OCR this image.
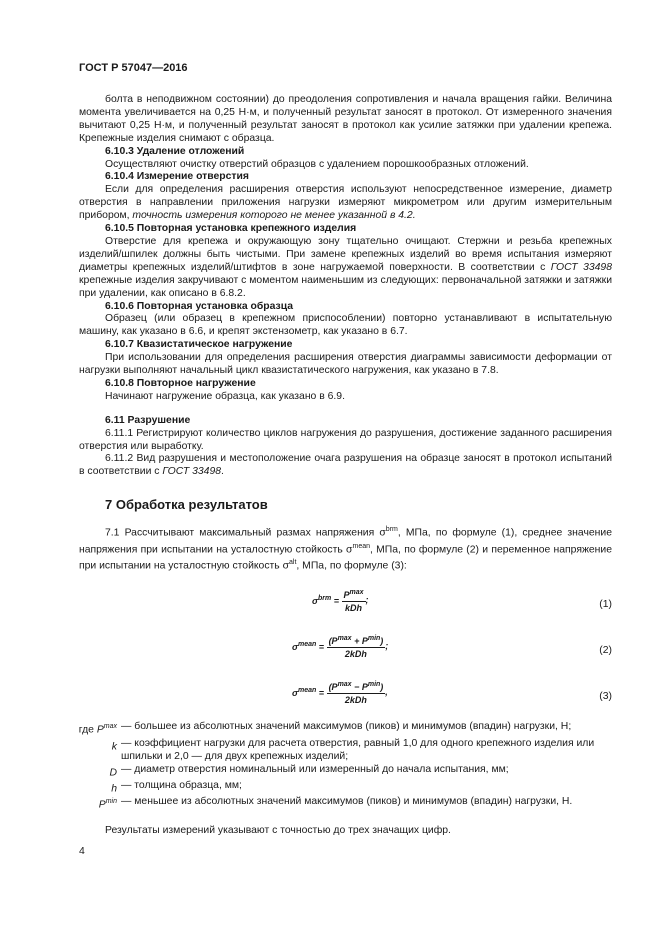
ГОСТ Р 57047—2016

болта в неподвижном состоянии) до преодоления сопротивления и начала вращения гайки. Величина момента увеличивается на 0,25 Н·м, и полученный результат заносят в протокол. От измеренного значения вычитают 0,25 Н·м, и полученный результат заносят в протокол как усилие затяжки при удалении крепежа. Крепежные изделия снимают с образца.

6.10.3 Удаление отложений

Осуществляют очистку отверстий образцов с удалением порошкообразных отложений.

6.10.4 Измерение отверстия

Если для определения расширения отверстия используют непосредственное измерение, диаметр отверстия в направлении приложения нагрузки измеряют микрометром или другим измерительным прибором, точность измерения которого не менее указанной в 4.2.

6.10.5 Повторная установка крепежного изделия

Отверстие для крепежа и окружающую зону тщательно очищают. Стержни и резьба крепежных изделий/шпилек должны быть чистыми. При замене крепежных изделий во время испытания измеряют диаметры крепежных изделий/штифтов в зоне нагружаемой поверхности. В соответствии с ГОСТ 33498 крепежные изделия закручивают с моментом наименьшим из следующих: первоначальной затяжки и затяжки при удалении, как описано в 6.8.2.

6.10.6 Повторная установка образца

Образец (или образец в крепежном приспособлении) повторно устанавливают в испытательную машину, как указано в 6.6, и крепят экстензометр, как указано в 6.7.

6.10.7 Квазистатическое нагружение

При использовании для определения расширения отверстия диаграммы зависимости деформации от нагрузки выполняют начальный цикл квазистатического нагружения, как указано в 7.8.

6.10.8 Повторное нагружение

Начинают нагружение образца, как указано в 6.9.

6.11 Разрушение

6.11.1 Регистрируют количество циклов нагружения до разрушения, достижение заданного расширения отверстия или выработку.

6.11.2 Вид разрушения и местоположение очага разрушения на образце заносят в протокол испытаний в соответствии с ГОСТ 33498.

7 Обработка результатов

7.1 Рассчитывают максимальный размах напряжения $\sigma^{brm}$, МПа, по формуле (1), среднее значение напряжения при испытании на усталостную стойкость $\sigma^{mean}$, МПа, по формуле (2) и переменное напряжение при испытании на усталостную стойкость $\sigma^{alt}$, МПа, по формуле (3):

$\sigma^{brm} = \frac{P^{max}}{\text{kDh}}$ ;	(1)
$\sigma^{mean} = \frac{(P^{max} + P^{min})}{\text{2kDh}}$ ;	(2)
$\sigma^{mean} = \frac{(P^{max} - P^{min})}{\text{2kDh}}$ ,	(3)
где $P^{max}$ — большее из абсолютных значений максимумов (пиков) и минимумов (впадин) нагрузки, Н;
k — коэффициент нагрузки для расчета отверстия, равный 1,0 для одного крепежного изделия или шпильки и 2,0 — для двух крепежных изделий;
D — диаметр отверстия номинальный или измеренный до начала испытания, мм;
h — толщина образца, мм;
$P^{min}$ — меньшее из абсолютных значений максимумов (пиков) и минимумов (впадин) нагрузки, Н.

Результаты измерений указывают с точностью до трех значащих цифр.

4
